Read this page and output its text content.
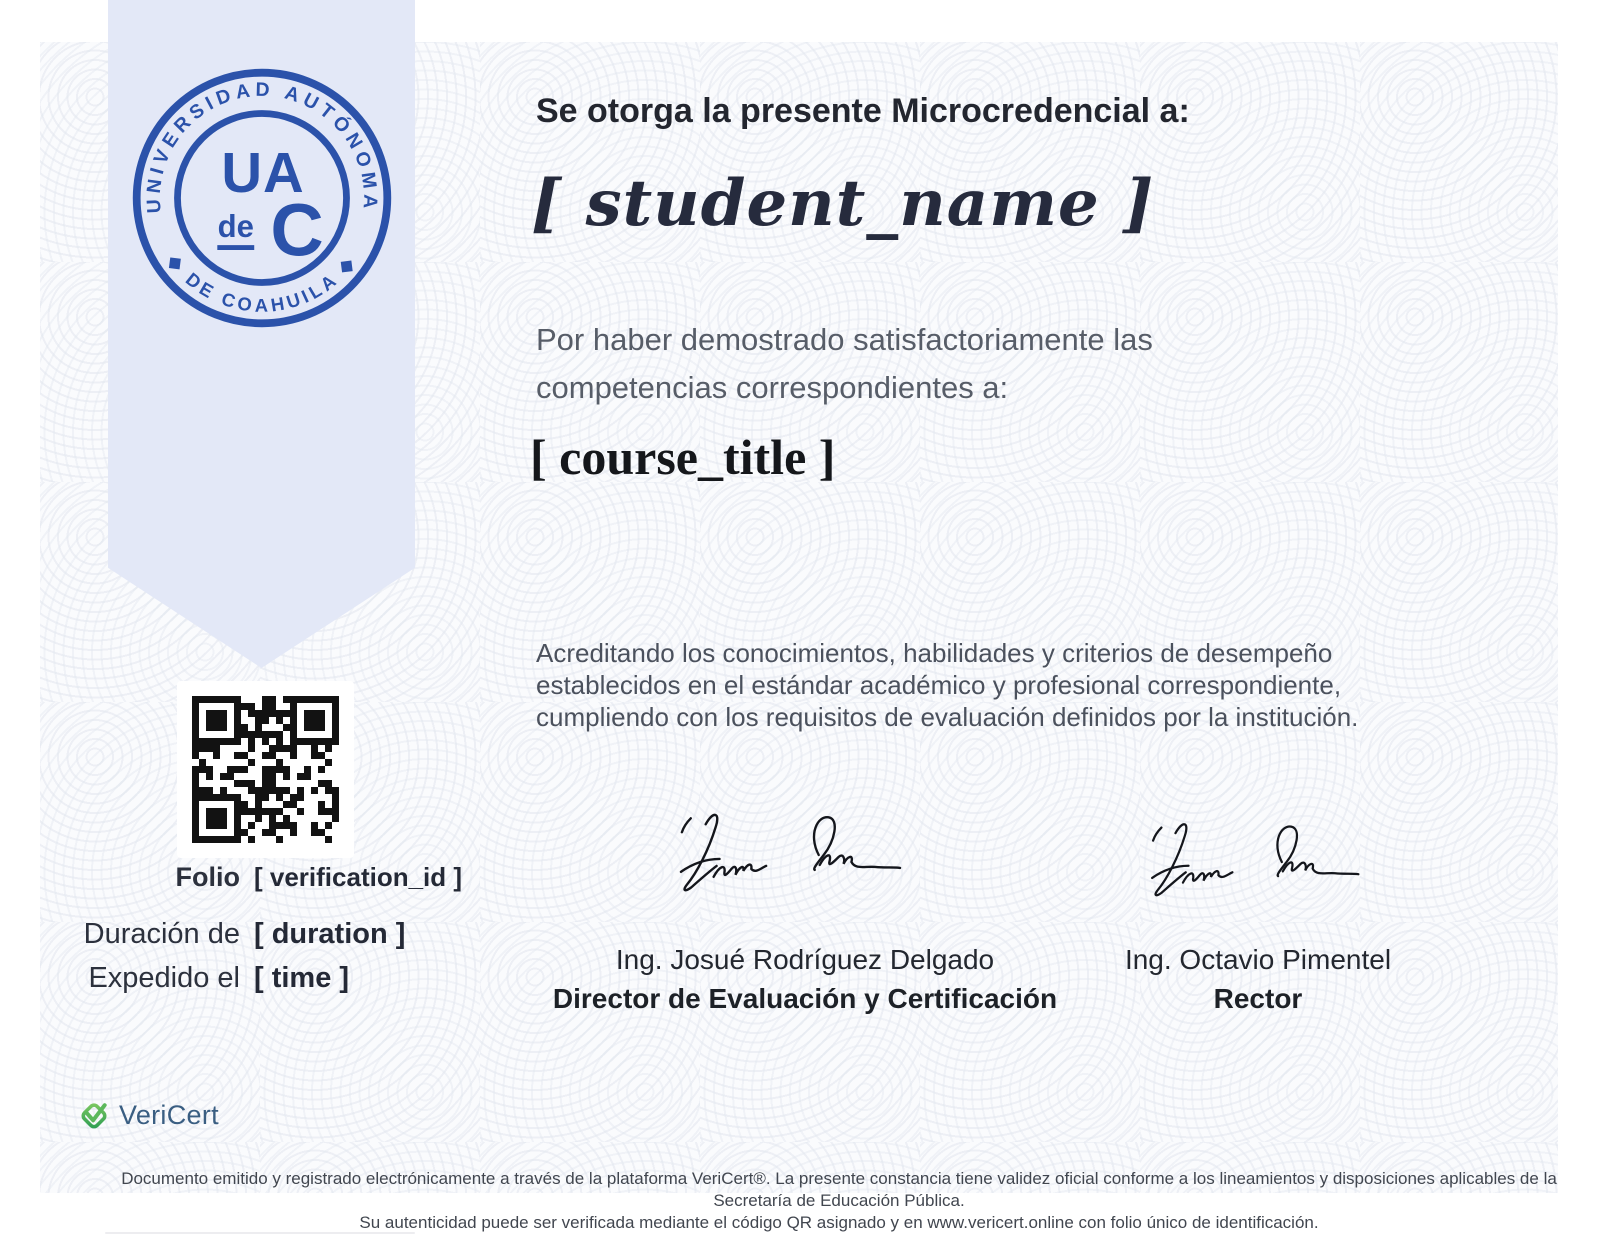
Documento emitido y registrado electrónicamente a través de la plataforma VeriCert®. La presente constancia tiene validez oficial conforme a los lineamientos y disposiciones aplicables de la Secretaría de Educación Pública.
Su autenticidad puede ser verificada mediante el código QR asignado y en www.vericert.online con folio único de identificación.
UNIVERSIDAD AUTÓNOMA
◆ DE COAHUILA ◆
UA
de C
Se otorga la presente Microcredencial a:
[ student_name ]
Por haber demostrado satisfactoriamente las competencias correspondientes a:
[ course_title ]
Acreditando los conocimientos, habilidades y criterios de desempeño establecidos en el estándar académico y profesional correspondiente, cumpliendo con los requisitos de evaluación definidos por la institución.
Folio [ verification_id ]
Duración de [ duration ]
Expedido el [ time ]
Ing. Josué Rodríguez Delgado
Director de Evaluación y Certificación
Ing. Octavio Pimentel
Rector
VeriCert
